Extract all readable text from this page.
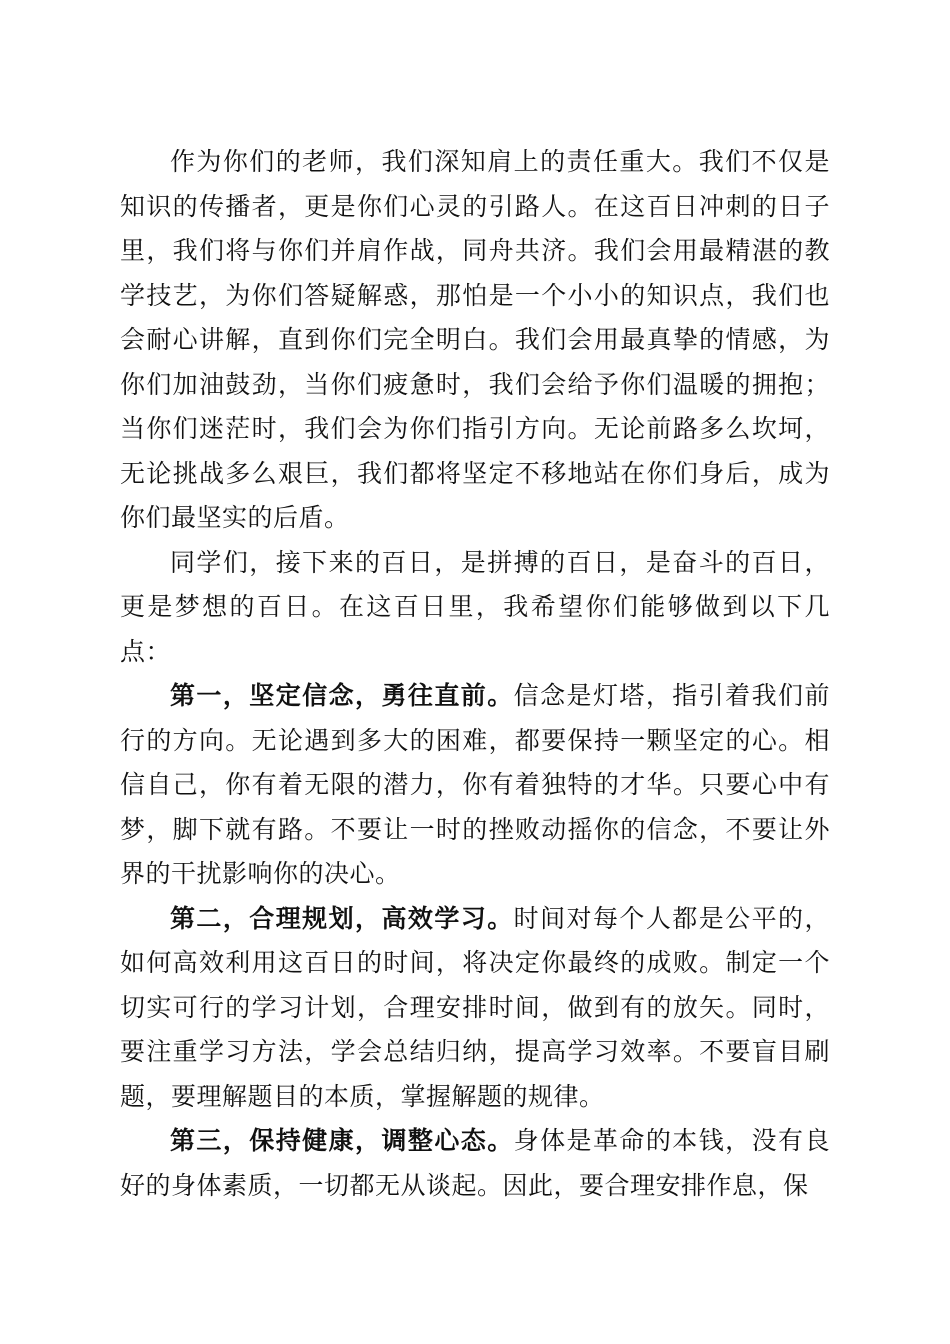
作为你们的老师，我们深知肩上的责任重大。我们不仅是知识的传播者，更是你们心灵的引路人。在这百日冲刺的日子里，我们将与你们并肩作战，同舟共济。我们会用最精湛的教学技艺，为你们答疑解惑，那怕是一个小小的知识点，我们也会耐心讲解，直到你们完全明白。我们会用最真挚的情感，为你们加油鼓劲，当你们疲惫时，我们会给予你们温暖的拥抱；当你们迷茫时，我们会为你们指引方向。无论前路多么坎坷，无论挑战多么艰巨，我们都将坚定不移地站在你们身后，成为你们最坚实的后盾。

同学们，接下来的百日，是拼搏的百日，是奋斗的百日，更是梦想的百日。在这百日里，我希望你们能够做到以下几点：

第一，坚定信念，勇往直前。信念是灯塔，指引着我们前行的方向。无论遇到多大的困难，都要保持一颗坚定的心。相信自己，你有着无限的潜力，你有着独特的才华。只要心中有梦，脚下就有路。不要让一时的挫败动摇你的信念，不要让外界的干扰影响你的决心。

第二，合理规划，高效学习。时间对每个人都是公平的，如何高效利用这百日的时间，将决定你最终的成败。制定一个切实可行的学习计划，合理安排时间，做到有的放矢。同时，要注重学习方法，学会总结归纳，提高学习效率。不要盲目刷题，要理解题目的本质，掌握解题的规律。

第三，保持健康，调整心态。身体是革命的本钱，没有良好的身体素质，一切都无从谈起。因此，要合理安排作息，保
